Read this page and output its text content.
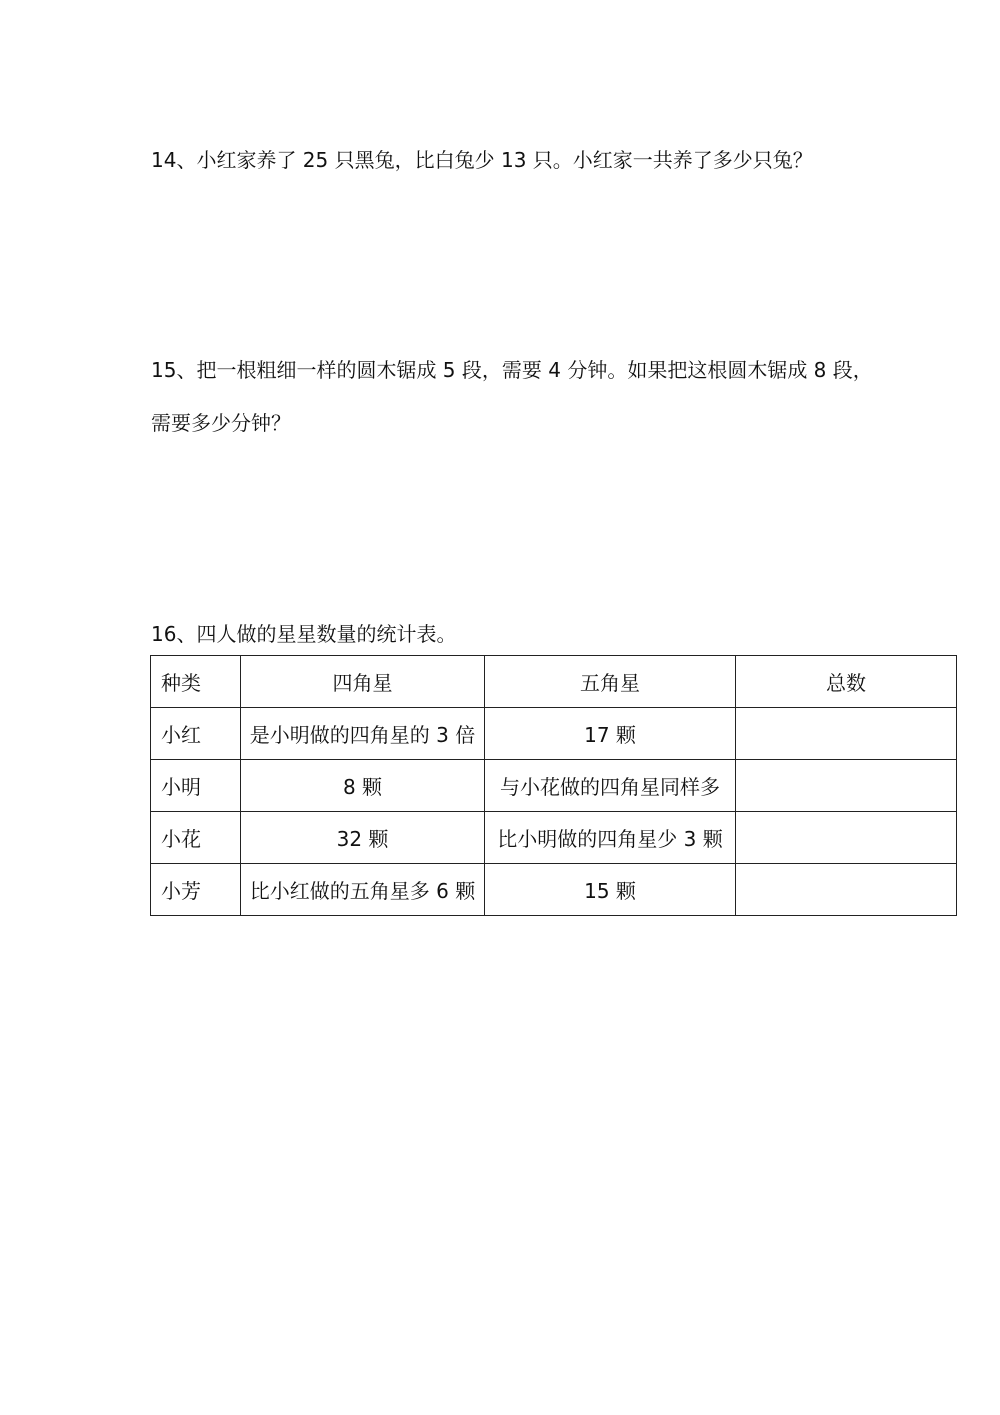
14、小红家养了 25 只黑兔，比白兔少 13 只。小红家一共养了多少只兔？
15、把一根粗细一样的圆木锯成 5 段，需要 4 分钟。如果把这根圆木锯成 8 段，
需要多少分钟？
16、四人做的星星数量的统计表。
种类	四角星	五角星	总数
小红	是小明做的四角星的 3 倍	17 颗	
小明	8 颗	与小花做的四角星同样多	
小花	32 颗	比小明做的四角星少 3 颗	
小芳	比小红做的五角星多 6 颗	15 颗	
